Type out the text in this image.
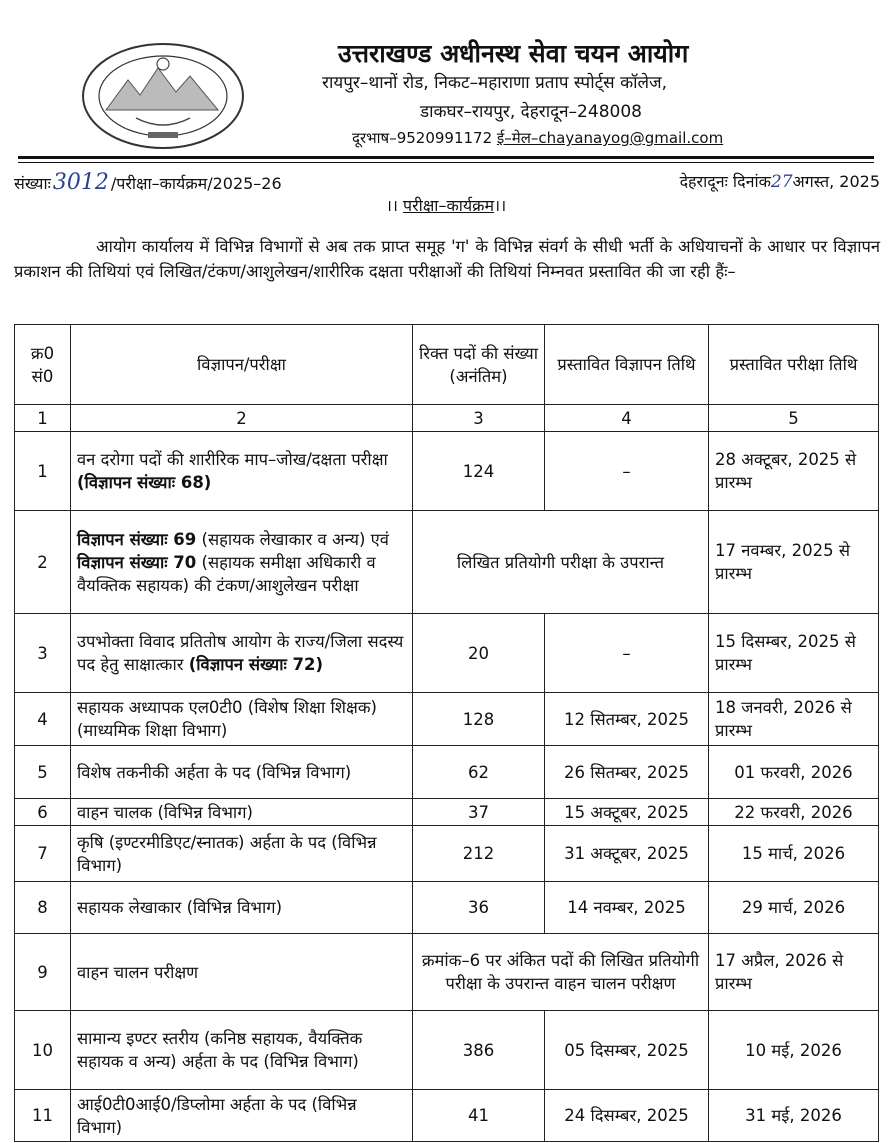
उत्तराखण्ड अधीनस्थ सेवा चयन आयोग
रायपुर–थानों रोड, निकट–महाराणा प्रताप स्पोर्ट्स कॉलेज,
डाकघर–रायपुर, देहरादून–248008
दूरभाष–9520991172 ई–मेल–chayanayog@gmail.com
संख्याः3012 /परीक्षा–कार्यक्रम/2025–26	देहरादूनः दिनांक27अगस्त, 2025
।। परीक्षा–कार्यक्रम।।
आयोग कार्यालय में विभिन्न विभागों से अब तक प्राप्त समूह 'ग' के विभिन्न संवर्ग के सीधी भर्ती के अधियाचनों के आधार पर विज्ञापन प्रकाशन की तिथियां एवं लिखित/टंकण/आशुलेखन/शारीरिक दक्षता परीक्षाओं की तिथियां निम्नवत प्रस्तावित की जा रही हैंः–
क्र0 सं0	विज्ञापन/परीक्षा	रिक्त पदों की संख्या (अनंतिम)	प्रस्तावित विज्ञापन तिथि	प्रस्तावित परीक्षा तिथि
1	2	3	4	5
1	वन दरोगा पदों की शारीरिक माप–जोख/दक्षता परीक्षा (विज्ञापन संख्याः 68)	124	–	28 अक्टूबर, 2025 से प्रारम्भ
2	विज्ञापन संख्याः 69 (सहायक लेखाकार व अन्य) एवं विज्ञापन संख्याः 70 (सहायक समीक्षा अधिकारी व वैयक्तिक सहायक) की टंकण/आशुलेखन परीक्षा	लिखित प्रतियोगी परीक्षा के उपरान्त		17 नवम्बर, 2025 से प्रारम्भ
3	उपभोक्ता विवाद प्रतितोष आयोग के राज्य/जिला सदस्य पद हेतु साक्षात्कार (विज्ञापन संख्याः 72)	20	–	15 दिसम्बर, 2025 से प्रारम्भ
4	सहायक अध्यापक एल0टी0 (विशेष शिक्षा शिक्षक) (माध्यमिक शिक्षा विभाग)	128	12 सितम्बर, 2025	18 जनवरी, 2026 से प्रारम्भ
5	विशेष तकनीकी अर्हता के पद (विभिन्न विभाग)	62	26 सितम्बर, 2025	01 फरवरी, 2026
6	वाहन चालक (विभिन्न विभाग)	37	15 अक्टूबर, 2025	22 फरवरी, 2026
7	कृषि (इण्टरमीडिएट/स्नातक) अर्हता के पद (विभिन्न विभाग)	212	31 अक्टूबर, 2025	15 मार्च, 2026
8	सहायक लेखाकार (विभिन्न विभाग)	36	14 नवम्बर, 2025	29 मार्च, 2026
9	वाहन चालन परीक्षण	क्रमांक–6 पर अंकित पदों की लिखित प्रतियोगी परीक्षा के उपरान्त वाहन चालन परीक्षण		17 अप्रैल, 2026 से प्रारम्भ
10	सामान्य इण्टर स्तरीय (कनिष्ठ सहायक, वैयक्तिक सहायक व अन्य) अर्हता के पद (विभिन्न विभाग)	386	05 दिसम्बर, 2025	10 मई, 2026
11	आई0टी0आई0/डिप्लोमा अर्हता के पद (विभिन्न विभाग)	41	24 दिसम्बर, 2025	31 मई, 2026
